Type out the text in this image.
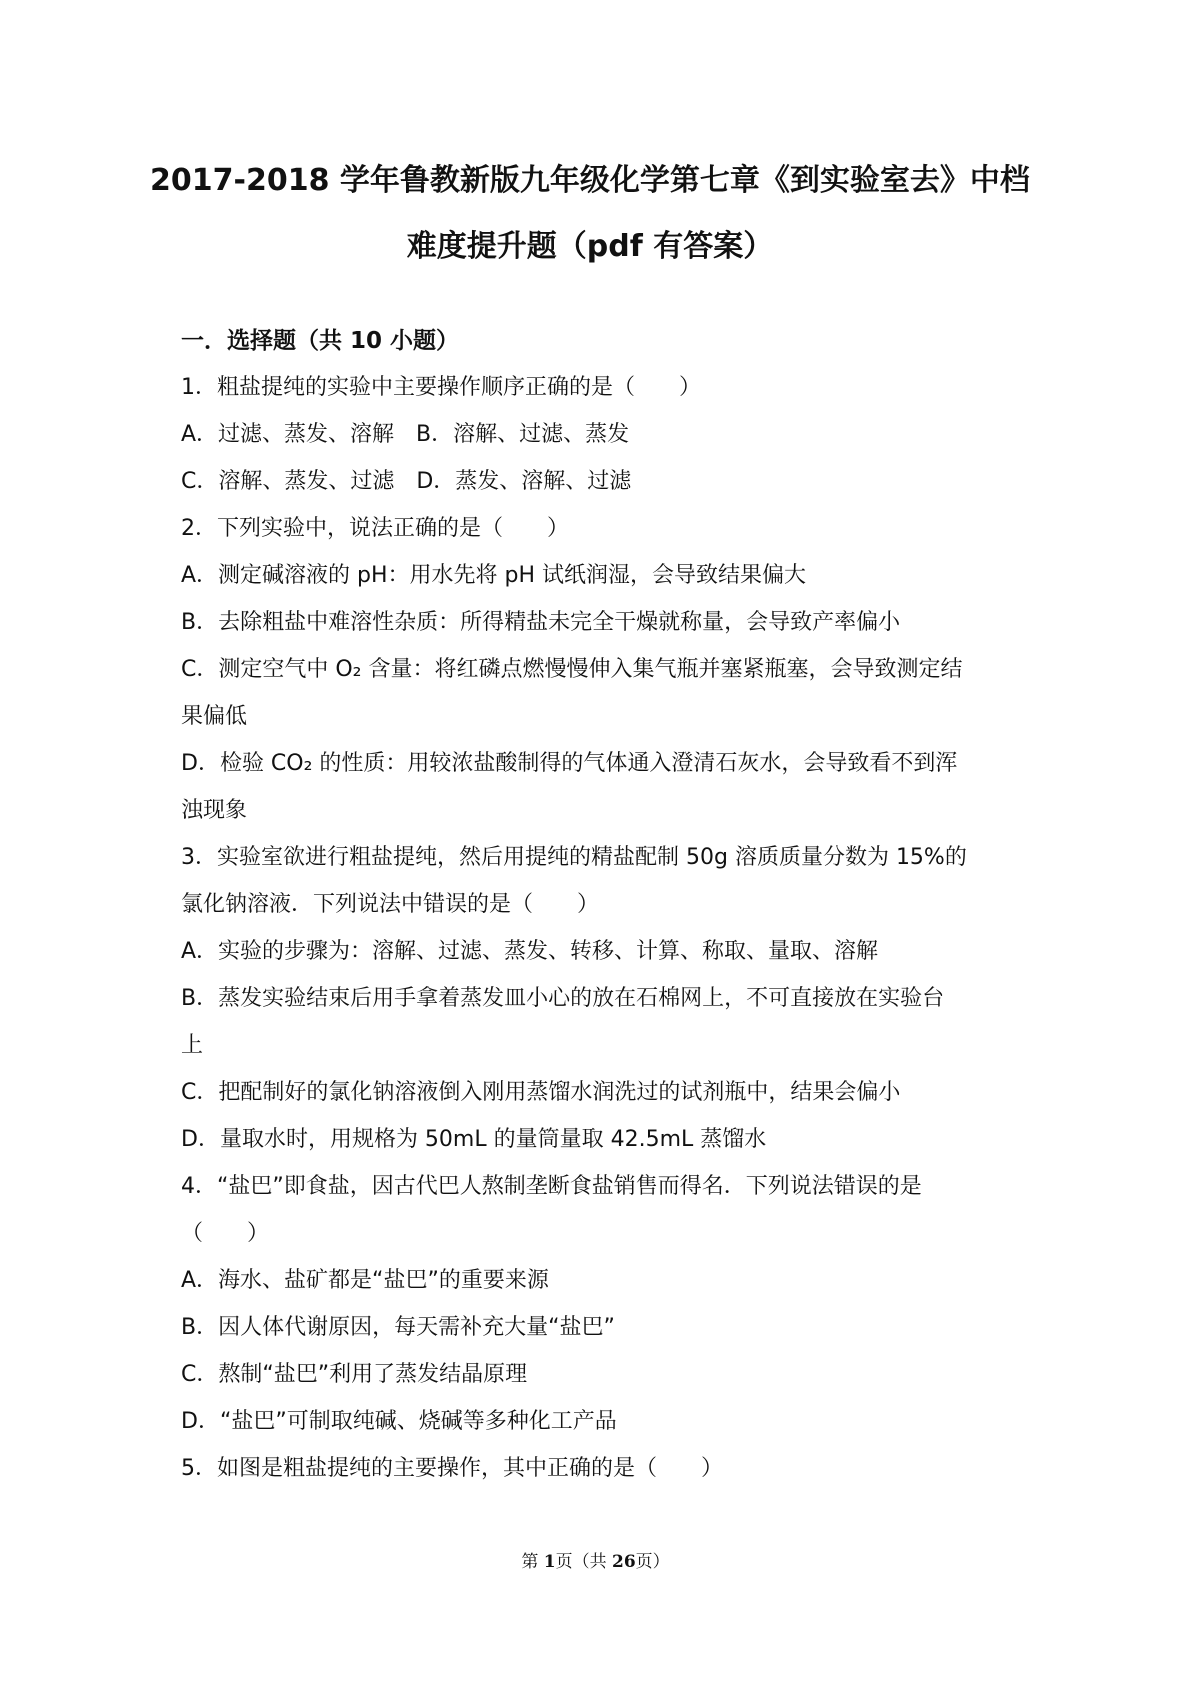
2017-2018 学年鲁教新版九年级化学第七章《到实验室去》中档
难度提升题（pdf 有答案）

一．选择题（共 10 小题）

1．粗盐提纯的实验中主要操作顺序正确的是（　　）

A．过滤、蒸发、溶解　B．溶解、过滤、蒸发

C．溶解、蒸发、过滤　D．蒸发、溶解、过滤

2．下列实验中，说法正确的是（　　）

A．测定碱溶液的 pH：用水先将 pH 试纸润湿，会导致结果偏大

B．去除粗盐中难溶性杂质：所得精盐未完全干燥就称量，会导致产率偏小

C．测定空气中 O₂ 含量：将红磷点燃慢慢伸入集气瓶并塞紧瓶塞，会导致测定结

果偏低

D．检验 CO₂ 的性质：用较浓盐酸制得的气体通入澄清石灰水，会导致看不到浑

浊现象

3．实验室欲进行粗盐提纯，然后用提纯的精盐配制 50g 溶质质量分数为 15%的

氯化钠溶液．下列说法中错误的是（　　）

A．实验的步骤为：溶解、过滤、蒸发、转移、计算、称取、量取、溶解

B．蒸发实验结束后用手拿着蒸发皿小心的放在石棉网上，不可直接放在实验台

上

C．把配制好的氯化钠溶液倒入刚用蒸馏水润洗过的试剂瓶中，结果会偏小

D．量取水时，用规格为 50mL 的量筒量取 42.5mL 蒸馏水

4．“盐巴”即食盐，因古代巴人熬制垄断食盐销售而得名．下列说法错误的是

（　　）

A．海水、盐矿都是“盐巴”的重要来源

B．因人体代谢原因，每天需补充大量“盐巴”

C．熬制“盐巴”利用了蒸发结晶原理

D．“盐巴”可制取纯碱、烧碱等多种化工产品

5．如图是粗盐提纯的主要操作，其中正确的是（　　）

第 1页（共 26页）
